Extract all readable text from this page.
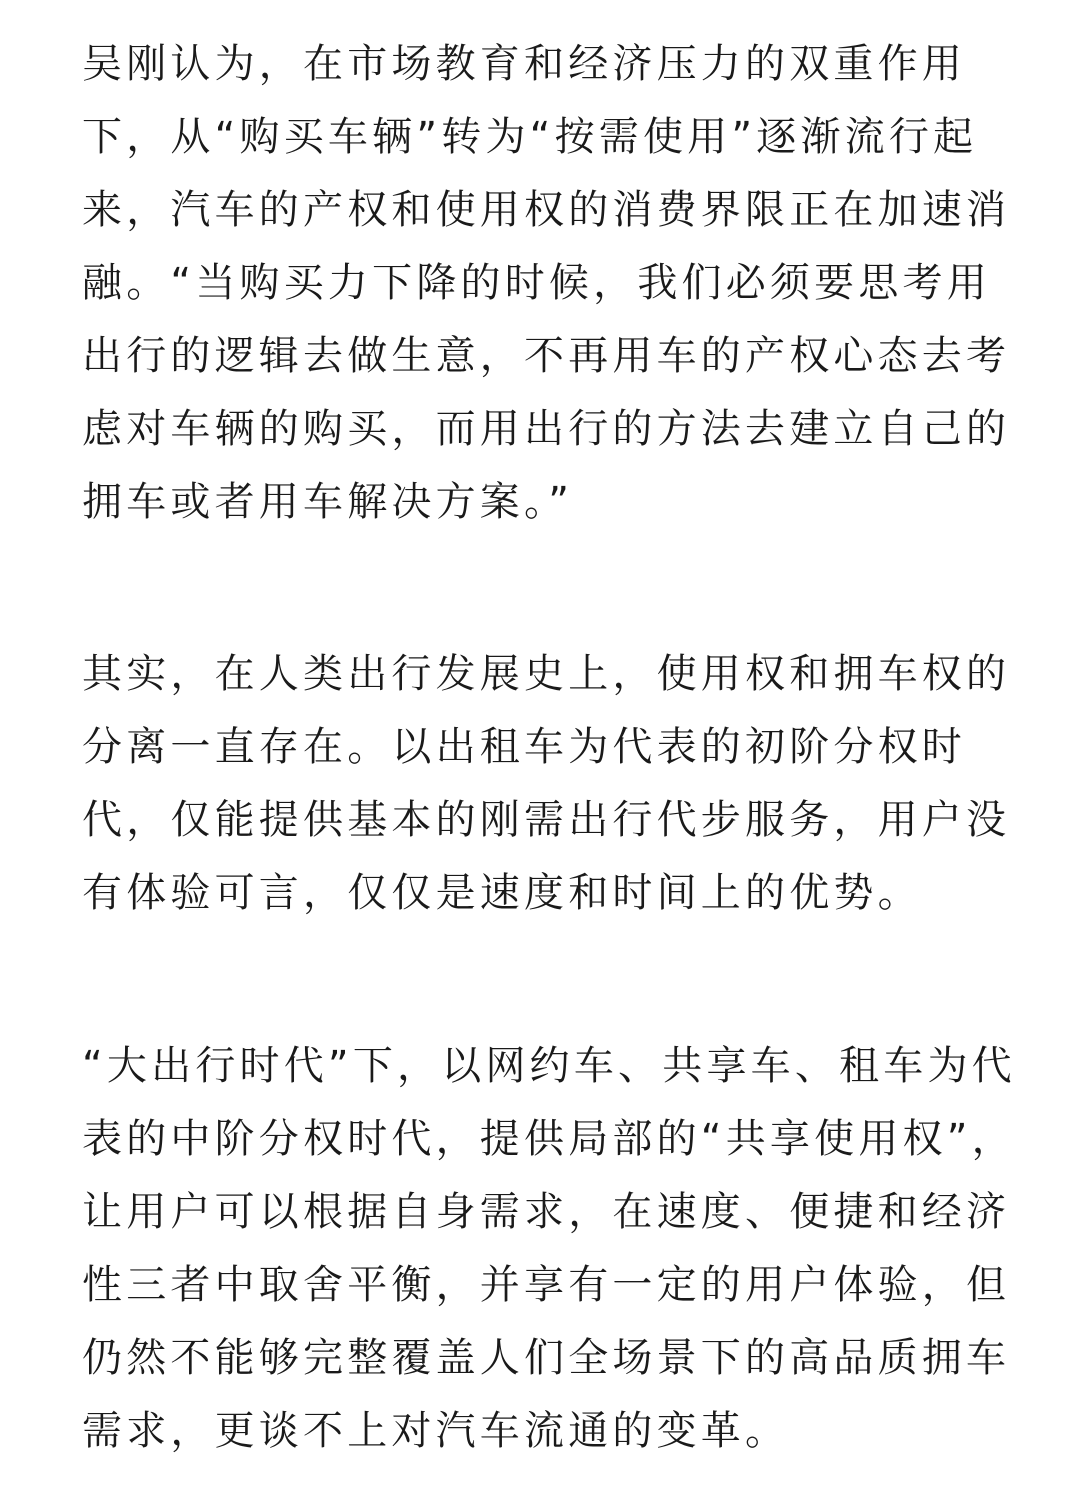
吴刚认为，在市场教育和经济压力的双重作用
下，从“购买车辆”转为“按需使用”逐渐流行起
来，汽车的产权和使用权的消费界限正在加速消
融。“当购买力下降的时候，我们必须要思考用
出行的逻辑去做生意，不再用车的产权心态去考
虑对车辆的购买，而用出行的方法去建立自己的
拥车或者用车解决方案。”
其实，在人类出行发展史上，使用权和拥车权的
分离一直存在。以出租车为代表的初阶分权时
代，仅能提供基本的刚需出行代步服务，用户没
有体验可言，仅仅是速度和时间上的优势。
“大出行时代”下，以网约车、共享车、租车为代
表的中阶分权时代，提供局部的“共享使用权”，
让用户可以根据自身需求，在速度、便捷和经济
性三者中取舍平衡，并享有一定的用户体验，但
仍然不能够完整覆盖人们全场景下的高品质拥车
需求，更谈不上对汽车流通的变革。
